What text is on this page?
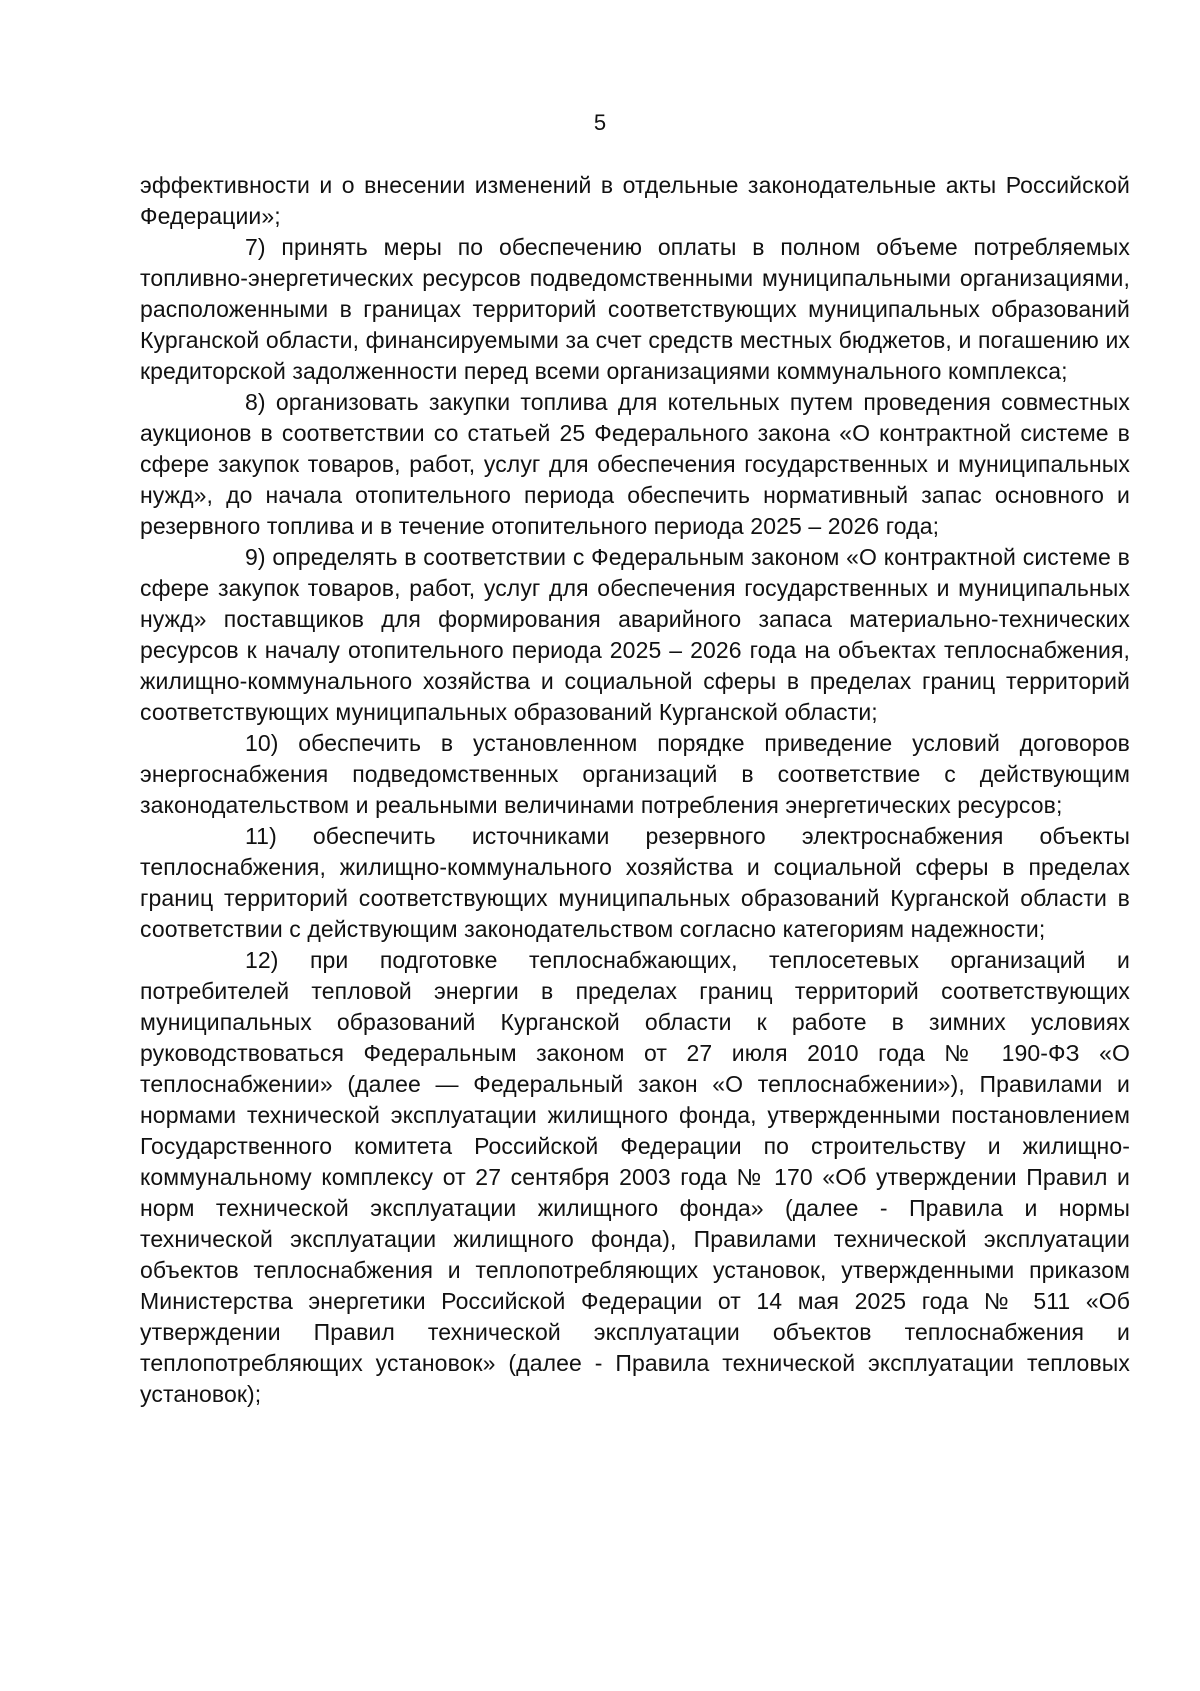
5

эффективности и о внесении изменений в отдельные законодательные акты Российской Федерации»;

7) принять меры по обеспечению оплаты в полном объеме потребляемых топливно-энергетических ресурсов подведомственными муниципальными организациями, расположенными в границах территорий соответствующих муниципальных образований Курганской области, финансируемыми за счет средств местных бюджетов, и погашению их кредиторской задолженности перед всеми организациями коммунального комплекса;

8) организовать закупки топлива для котельных путем проведения совместных аукционов в соответствии со статьей 25 Федерального закона «О контрактной системе в сфере закупок товаров, работ, услуг для обеспечения государственных и муниципальных нужд», до начала отопительного периода обеспечить нормативный запас основного и резервного топлива и в течение отопительного периода 2025 – 2026 года;

9) определять в соответствии с Федеральным законом «О контрактной системе в сфере закупок товаров, работ, услуг для обеспечения государственных и муниципальных нужд» поставщиков для формирования аварийного запаса материально-технических ресурсов к началу отопительного периода 2025 – 2026 года на объектах теплоснабжения, жилищно-коммунального хозяйства и социальной сферы в пределах границ территорий соответствующих муниципальных образований Курганской области;

10) обеспечить в установленном порядке приведение условий договоров энергоснабжения подведомственных организаций в соответствие с действующим законодательством и реальными величинами потребления энергетических ресурсов;

11) обеспечить источниками резервного электроснабжения объекты теплоснабжения, жилищно-коммунального хозяйства и социальной сферы в пределах границ территорий соответствующих муниципальных образований Курганской области в соответствии с действующим законодательством согласно категориям надежности;

12) при подготовке теплоснабжающих, теплосетевых организаций и потребителей тепловой энергии в пределах границ территорий соответствующих муниципальных образований Курганской области к работе в зимних условиях руководствоваться Федеральным законом от 27 июля 2010 года № 190-ФЗ «О теплоснабжении» (далее — Федеральный закон «О теплоснабжении»), Правилами и нормами технической эксплуатации жилищного фонда, утвержденными постановлением Государственного комитета Российской Федерации по строительству и жилищно-коммунальному комплексу от 27 сентября 2003 года № 170 «Об утверждении Правил и норм технической эксплуатации жилищного фонда» (далее - Правила и нормы технической эксплуатации жилищного фонда), Правилами технической эксплуатации объектов теплоснабжения и теплопотребляющих установок, утвержденными приказом Министерства энергетики Российской Федерации от 14 мая 2025 года № 511 «Об утверждении Правил технической эксплуатации объектов теплоснабжения и теплопотребляющих установок» (далее - Правила технической эксплуатации тепловых установок);
